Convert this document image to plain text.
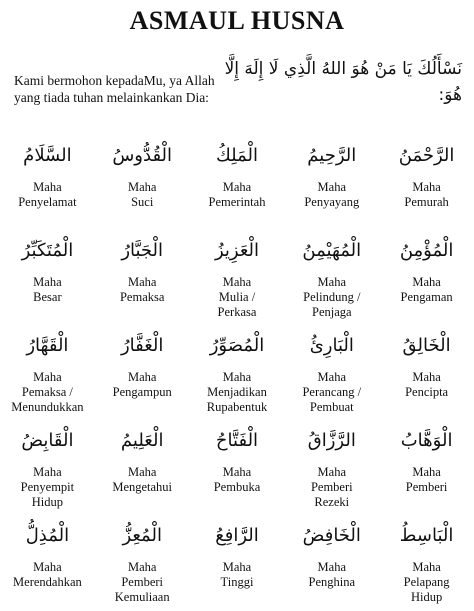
ASMAUL HUSNA
Kami bermohon kepadaMu, ya Allah yang tiada tuhan melainkankan Dia:
نَسْأَلُكَ يَا مَنْ هُوَ اللهُ الَّذِي لَا إِلَهَ إِلَّا هُوَ:
السَّلَامُ
Maha
Penyelamat
الْقُدُّوسُ
Maha
Suci
الْمَلِكُ
Maha
Pemerintah
الرَّحِيمُ
Maha
Penyayang
الرَّحْمَنُ
Maha
Pemurah
الْمُتَكَبِّرُ
Maha
Besar
الْجَبَّارُ
Maha
Pemaksa
الْعَزِيزُ
Maha
Mulia /
Perkasa
الْمُهَيْمِنُ
Maha
Pelindung /
Penjaga
الْمُؤْمِنُ
Maha
Pengaman
الْقَهَّارُ
Maha
Pemaksa /
Menundukkan
الْغَفَّارُ
Maha
Pengampun
الْمُصَوِّرُ
Maha
Menjadikan
Rupabentuk
الْبَارِئُ
Maha
Perancang /
Pembuat
الْخَالِقُ
Maha
Pencipta
الْقَابِضُ
Maha
Penyempit
Hidup
الْعَلِيمُ
Maha
Mengetahui
الْفَتَّاحُ
Maha
Pembuka
الرَّزَّاقُ
Maha
Pemberi
Rezeki
الْوَهَّابُ
Maha
Pemberi
الْمُذِلُّ
Maha
Merendahkan
الْمُعِزُّ
Maha
Pemberi
Kemuliaan
الرَّافِعُ
Maha
Tinggi
الْخَافِضُ
Maha
Penghina
الْبَاسِطُ
Maha
Pelapang
Hidup
